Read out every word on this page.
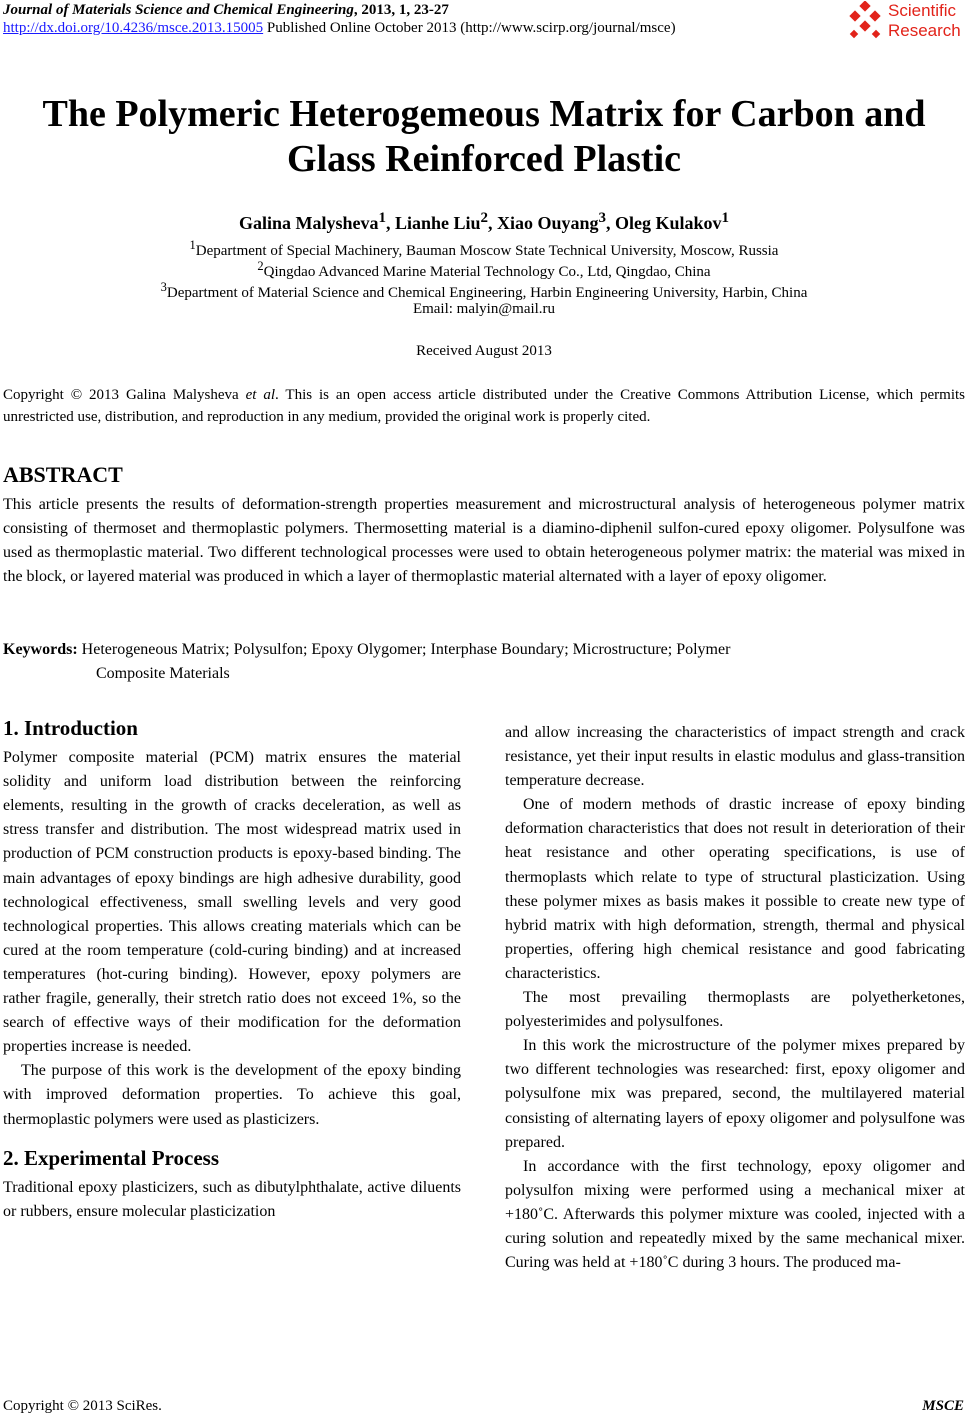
Journal of Materials Science and Chemical Engineering, 2013, 1, 23-27
http://dx.doi.org/10.4236/msce.2013.15005 Published Online October 2013 (http://www.scirp.org/journal/msce)
Scientific
Research
The Polymeric Heterogemeous Matrix for Carbon and
Glass Reinforced Plastic
Galina Malysheva$^1$, Lianhe Liu$^2$, Xiao Ouyang$^3$, Oleg Kulakov$^1$
$^1$Department of Special Machinery, Bauman Moscow State Technical University, Moscow, Russia
$^2$Qingdao Advanced Marine Material Technology Co., Ltd, Qingdao, China
$^3$Department of Material Science and Chemical Engineering, Harbin Engineering University, Harbin, China
Email: malyin@mail.ru
Received August 2013
Copyright © 2013 Galina Malysheva et al. This is an open access article distributed under the Creative Commons Attribution License, which permits unrestricted use, distribution, and reproduction in any medium, provided the original work is properly cited.
ABSTRACT
This article presents the results of deformation-strength properties measurement and microstructural analysis of heterogeneous polymer matrix consisting of thermoset and thermoplastic polymers. Thermosetting material is a diamino-diphenil sulfon-cured epoxy oligomer. Polysulfone was used as thermoplastic material. Two different technological processes were used to obtain heterogeneous polymer matrix: the material was mixed in the block, or layered material was produced in which a layer of thermoplastic material alternated with a layer of epoxy oligomer.
Keywords: Heterogeneous Matrix; Polysulfon; Epoxy Olygomer; Interphase Boundary; Microstructure; Polymer
Composite Materials
1. Introduction

Polymer composite material (PCM) matrix ensures the material solidity and uniform load distribution between the reinforcing elements, resulting in the growth of cracks deceleration, as well as stress transfer and distribution. The most widespread matrix used in production of PCM construction products is epoxy-based binding. The main advantages of epoxy bindings are high adhesive durability, good technological effectiveness, small swelling levels and very good technological properties. This allows creating materials which can be cured at the room temperature (cold-curing binding) and at increased temperatures (hot-curing binding). However, epoxy polymers are rather fragile, generally, their stretch ratio does not exceed 1%, so the search of effective ways of their modification for the deformation properties increase is needed.

The purpose of this work is the development of the epoxy binding with improved deformation properties. To achieve this goal, thermoplastic polymers were used as plasticizers.

2. Experimental Process

Traditional epoxy plasticizers, such as dibutylphthalate, active diluents or rubbers, ensure molecular plasticization

and allow increasing the characteristics of impact strength and crack resistance, yet their input results in elastic modulus and glass-transition temperature decrease.

One of modern methods of drastic increase of epoxy binding deformation characteristics that does not result in deterioration of their heat resistance and other operating specifications, is use of thermoplasts which relate to type of structural plasticization. Using these polymer mixes as basis makes it possible to create new type of hybrid matrix with high deformation, strength, thermal and physical properties, offering high chemical resistance and good fabricating characteristics.

The most prevailing thermoplasts are polyetherketones, polyesterimides and polysulfones.

In this work the microstructure of the polymer mixes prepared by two different technologies was researched: first, epoxy oligomer and polysulfone mix was prepared, second, the multilayered material consisting of alternating layers of epoxy oligomer and polysulfone was prepared.

In accordance with the first technology, epoxy oligomer and polysulfon mixing were performed using a mechanical mixer at +180˚C. Afterwards this polymer mixture was cooled, injected with a curing solution and repeatedly mixed by the same mechanical mixer. Curing was held at +180˚C during 3 hours. The produced ma-

Copyright © 2013 SciRes.	MSCE
